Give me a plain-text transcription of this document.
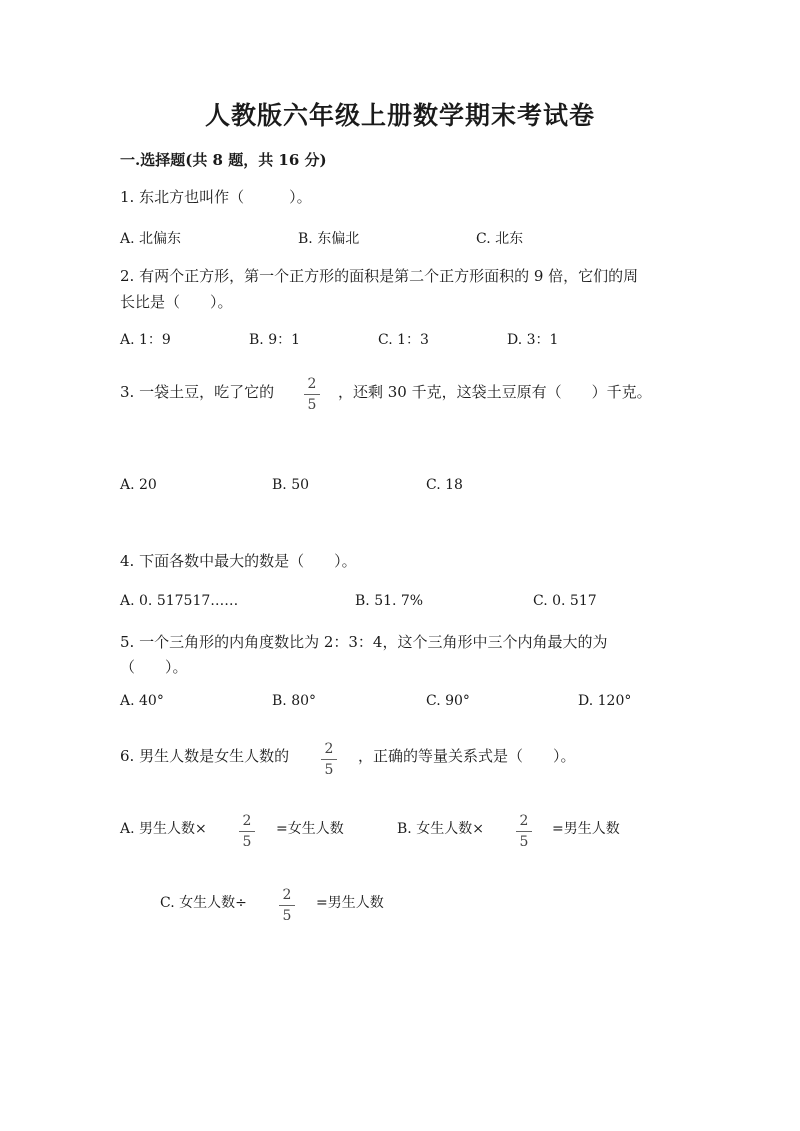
人教版六年级上册数学期末考试卷
一.选择题(共 8 题，共 16 分)
1. 东北方也叫作（　　　）。
A. 北偏东	B. 东偏北	C. 北东
2. 有两个正方形，第一个正方形的面积是第二个正方形面积的 9 倍，它们的周
长比是（　　）。
A. 1：9	B. 9：1	C. 1：3	D. 3：1
3. 一袋土豆，吃了它的	2
5
，还剩 30 千克，这袋土豆原有（　　）千克。
A. 20	B. 50	C. 18
4. 下面各数中最大的数是（　　）。
A. 0. 517517……	B. 51. 7%	C. 0. 517
5. 一个三角形的内角度数比为 2：3：4，这个三角形中三个内角最大的为
（　　）。
A. 40°	B. 80°	C. 90°	D. 120°
6. 男生人数是女生人数的	2
5
，正确的等量关系式是（　　）。
A. 男生人数×	2
5
=女生人数	B. 女生人数×	2
5
=男生人数
C. 女生人数÷	2
5
=男生人数
